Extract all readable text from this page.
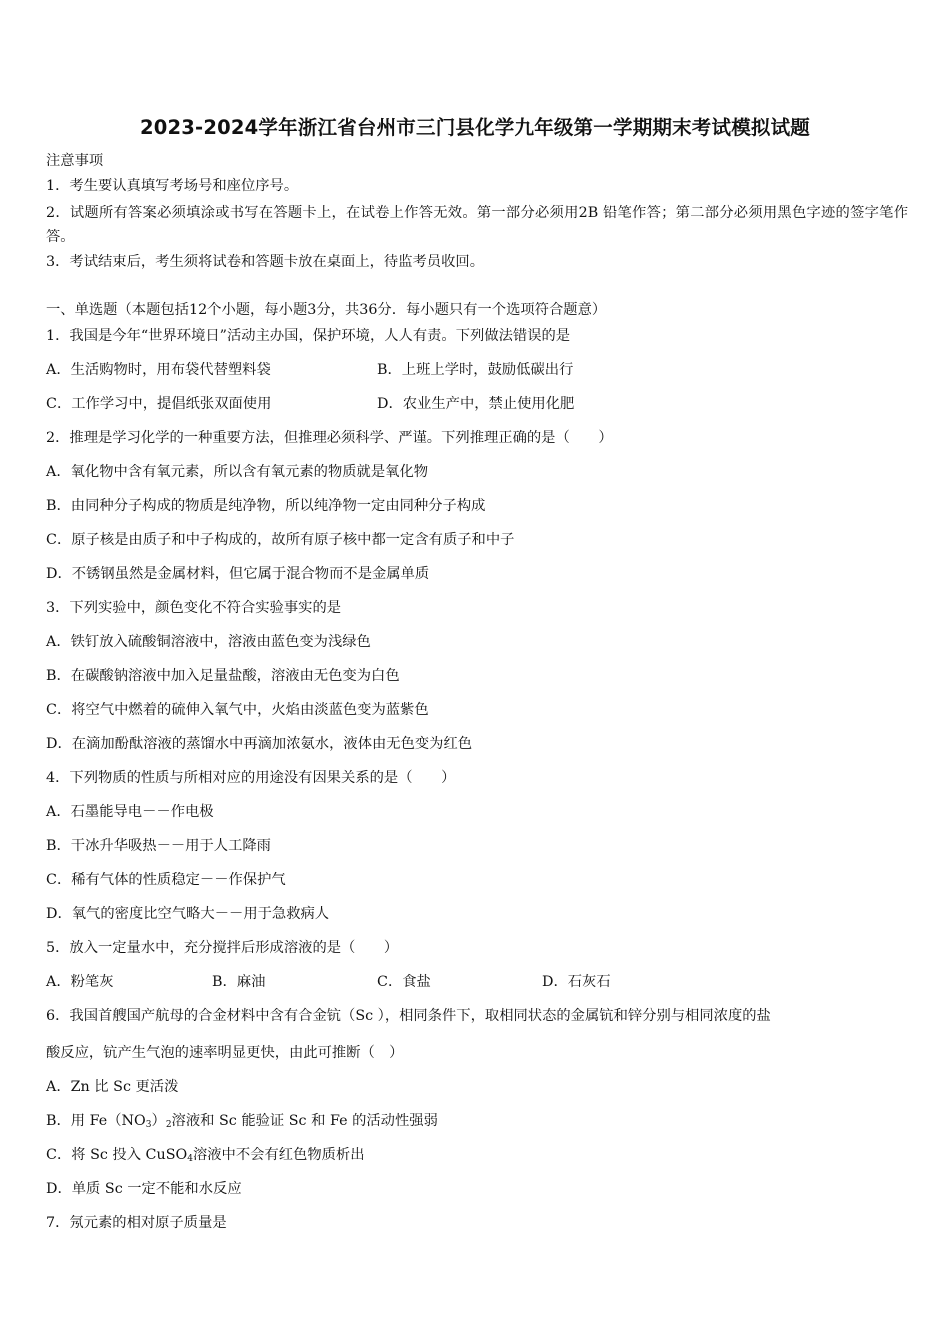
2023-2024学年浙江省台州市三门县化学九年级第一学期期末考试模拟试题
注意事项
1．考生要认真填写考场号和座位序号。
2．试题所有答案必须填涂或书写在答题卡上，在试卷上作答无效。第一部分必须用2B 铅笔作答；第二部分必须用黑色字迹的签字笔作答。
3．考试结束后，考生须将试卷和答题卡放在桌面上，待监考员收回。
一、单选题（本题包括12个小题，每小题3分，共36分．每小题只有一个选项符合题意）
1．我国是今年“世界环境日”活动主办国，保护环境，人人有责。下列做法错误的是
A．生活购物时，用布袋代替塑料袋	B．上班上学时，鼓励低碳出行
C．工作学习中，提倡纸张双面使用	D．农业生产中，禁止使用化肥
2．推理是学习化学的一种重要方法，但推理必须科学、严谨。下列推理正确的是（　　）
A．氧化物中含有氧元素，所以含有氧元素的物质就是氧化物
B．由同种分子构成的物质是纯净物，所以纯净物一定由同种分子构成
C．原子核是由质子和中子构成的，故所有原子核中都一定含有质子和中子
D．不锈钢虽然是金属材料，但它属于混合物而不是金属单质
3．下列实验中，颜色变化不符合实验事实的是
A．铁钉放入硫酸铜溶液中，溶液由蓝色变为浅绿色
B．在碳酸钠溶液中加入足量盐酸，溶液由无色变为白色
C．将空气中燃着的硫伸入氧气中，火焰由淡蓝色变为蓝紫色
D．在滴加酚酞溶液的蒸馏水中再滴加浓氨水，液体由无色变为红色
4．下列物质的性质与所相对应的用途没有因果关系的是（　　）
A．石墨能导电－－作电极
B．干冰升华吸热－－用于人工降雨
C．稀有气体的性质稳定－－作保护气
D．氧气的密度比空气略大－－用于急救病人
5．放入一定量水中，充分搅拌后形成溶液的是（　　）
A．粉笔灰	B．麻油	C．食盐	D．石灰石
6．我国首艘国产航母的合金材料中含有合金钪（Sc ），相同条件下，取相同状态的金属钪和锌分别与相同浓度的盐
酸反应，钪产生气泡的速率明显更快，由此可推断（　）
A．Zn 比 Sc 更活泼
B．用 $Fe(NO_3)_2$溶液和 Sc 能验证 Sc 和 Fe 的活动性强弱
C．将 Sc 投入 CuSO$_4$溶液中不会有红色物质析出
D．单质 Sc 一定不能和水反应
7．氖元素的相对原子质量是
